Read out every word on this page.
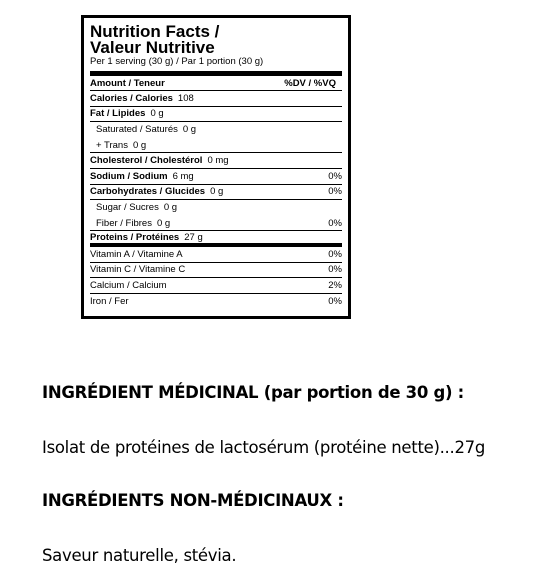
Nutrition Facts /
Valeur Nutritive
Per 1 serving (30 g) / Par 1 portion (30 g)
Amount / Teneur	%DV / %VQ
Calories / Calories 108
Fat / Lipides 0 g
Saturated / Saturés 0 g
+ Trans 0 g
Cholesterol / Cholestérol 0 mg
Sodium / Sodium 6 mg	0%
Carbohydrates / Glucides 0 g	0%
Sugar / Sucres 0 g
Fiber / Fibres 0 g	0%
Proteins / Protéines 27 g
Vitamin A / Vitamine A	0%
Vitamin C / Vitamine C	0%
Calcium / Calcium	2%
Iron / Fer	0%
INGRÉDIENT MÉDICINAL (par portion de 30 g) :
Isolat de protéines de lactosérum (protéine nette)...27g
INGRÉDIENTS NON-MÉDICINAUX :
Saveur naturelle, stévia.
